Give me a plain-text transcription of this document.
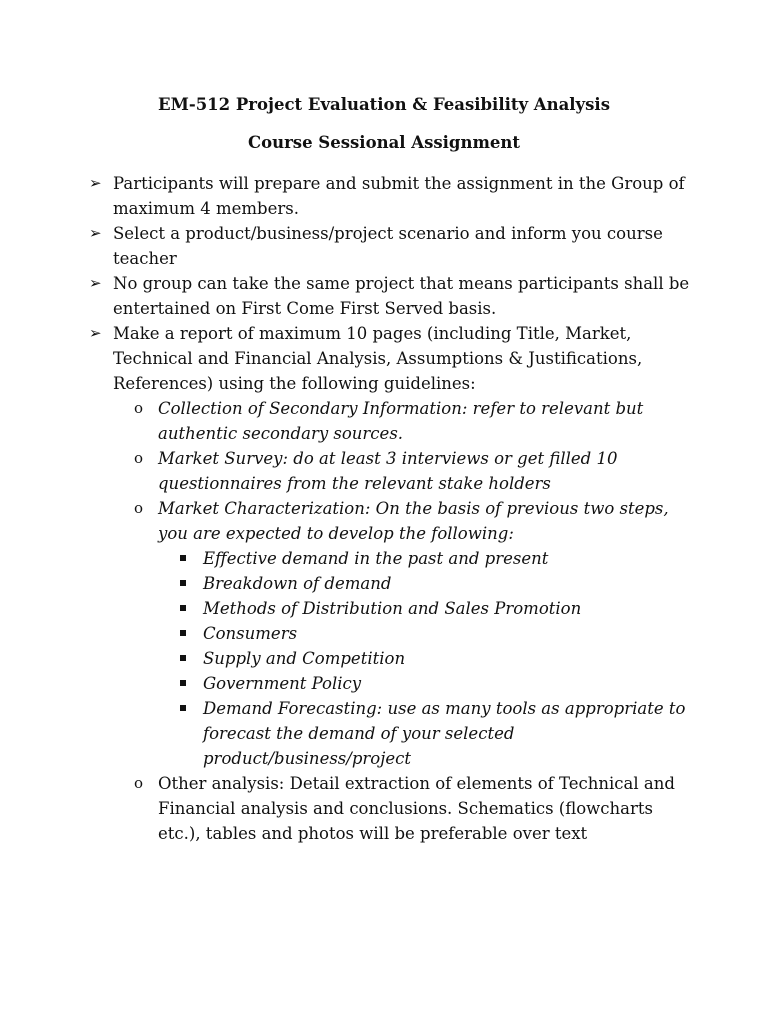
EM-512 Project Evaluation & Feasibility Analysis
Course Sessional Assignment
➢ Participants will prepare and submit the assignment in the Group of maximum 4 members.
➢ Select a product/business/project scenario and inform you course teacher
➢ No group can take the same project that means participants shall be entertained on First Come First Served basis.
➢ Make a report of maximum 10 pages (including Title, Market, Technical and Financial Analysis, Assumptions & Justifications, References) using the following guidelines:
o Collection of Secondary Information: refer to relevant but authentic secondary sources.
o Market Survey: do at least 3 interviews or get filled 10 questionnaires from the relevant stake holders
o Market Characterization: On the basis of previous two steps, you are expected to develop the following:
Effective demand in the past and present
Breakdown of demand
Methods of Distribution and Sales Promotion
Consumers
Supply and Competition
Government Policy
Demand Forecasting: use as many tools as appropriate to forecast the demand of your selected product/business/project
o Other analysis: Detail extraction of elements of Technical and Financial analysis and conclusions. Schematics (flowcharts etc.), tables and photos will be preferable over text
